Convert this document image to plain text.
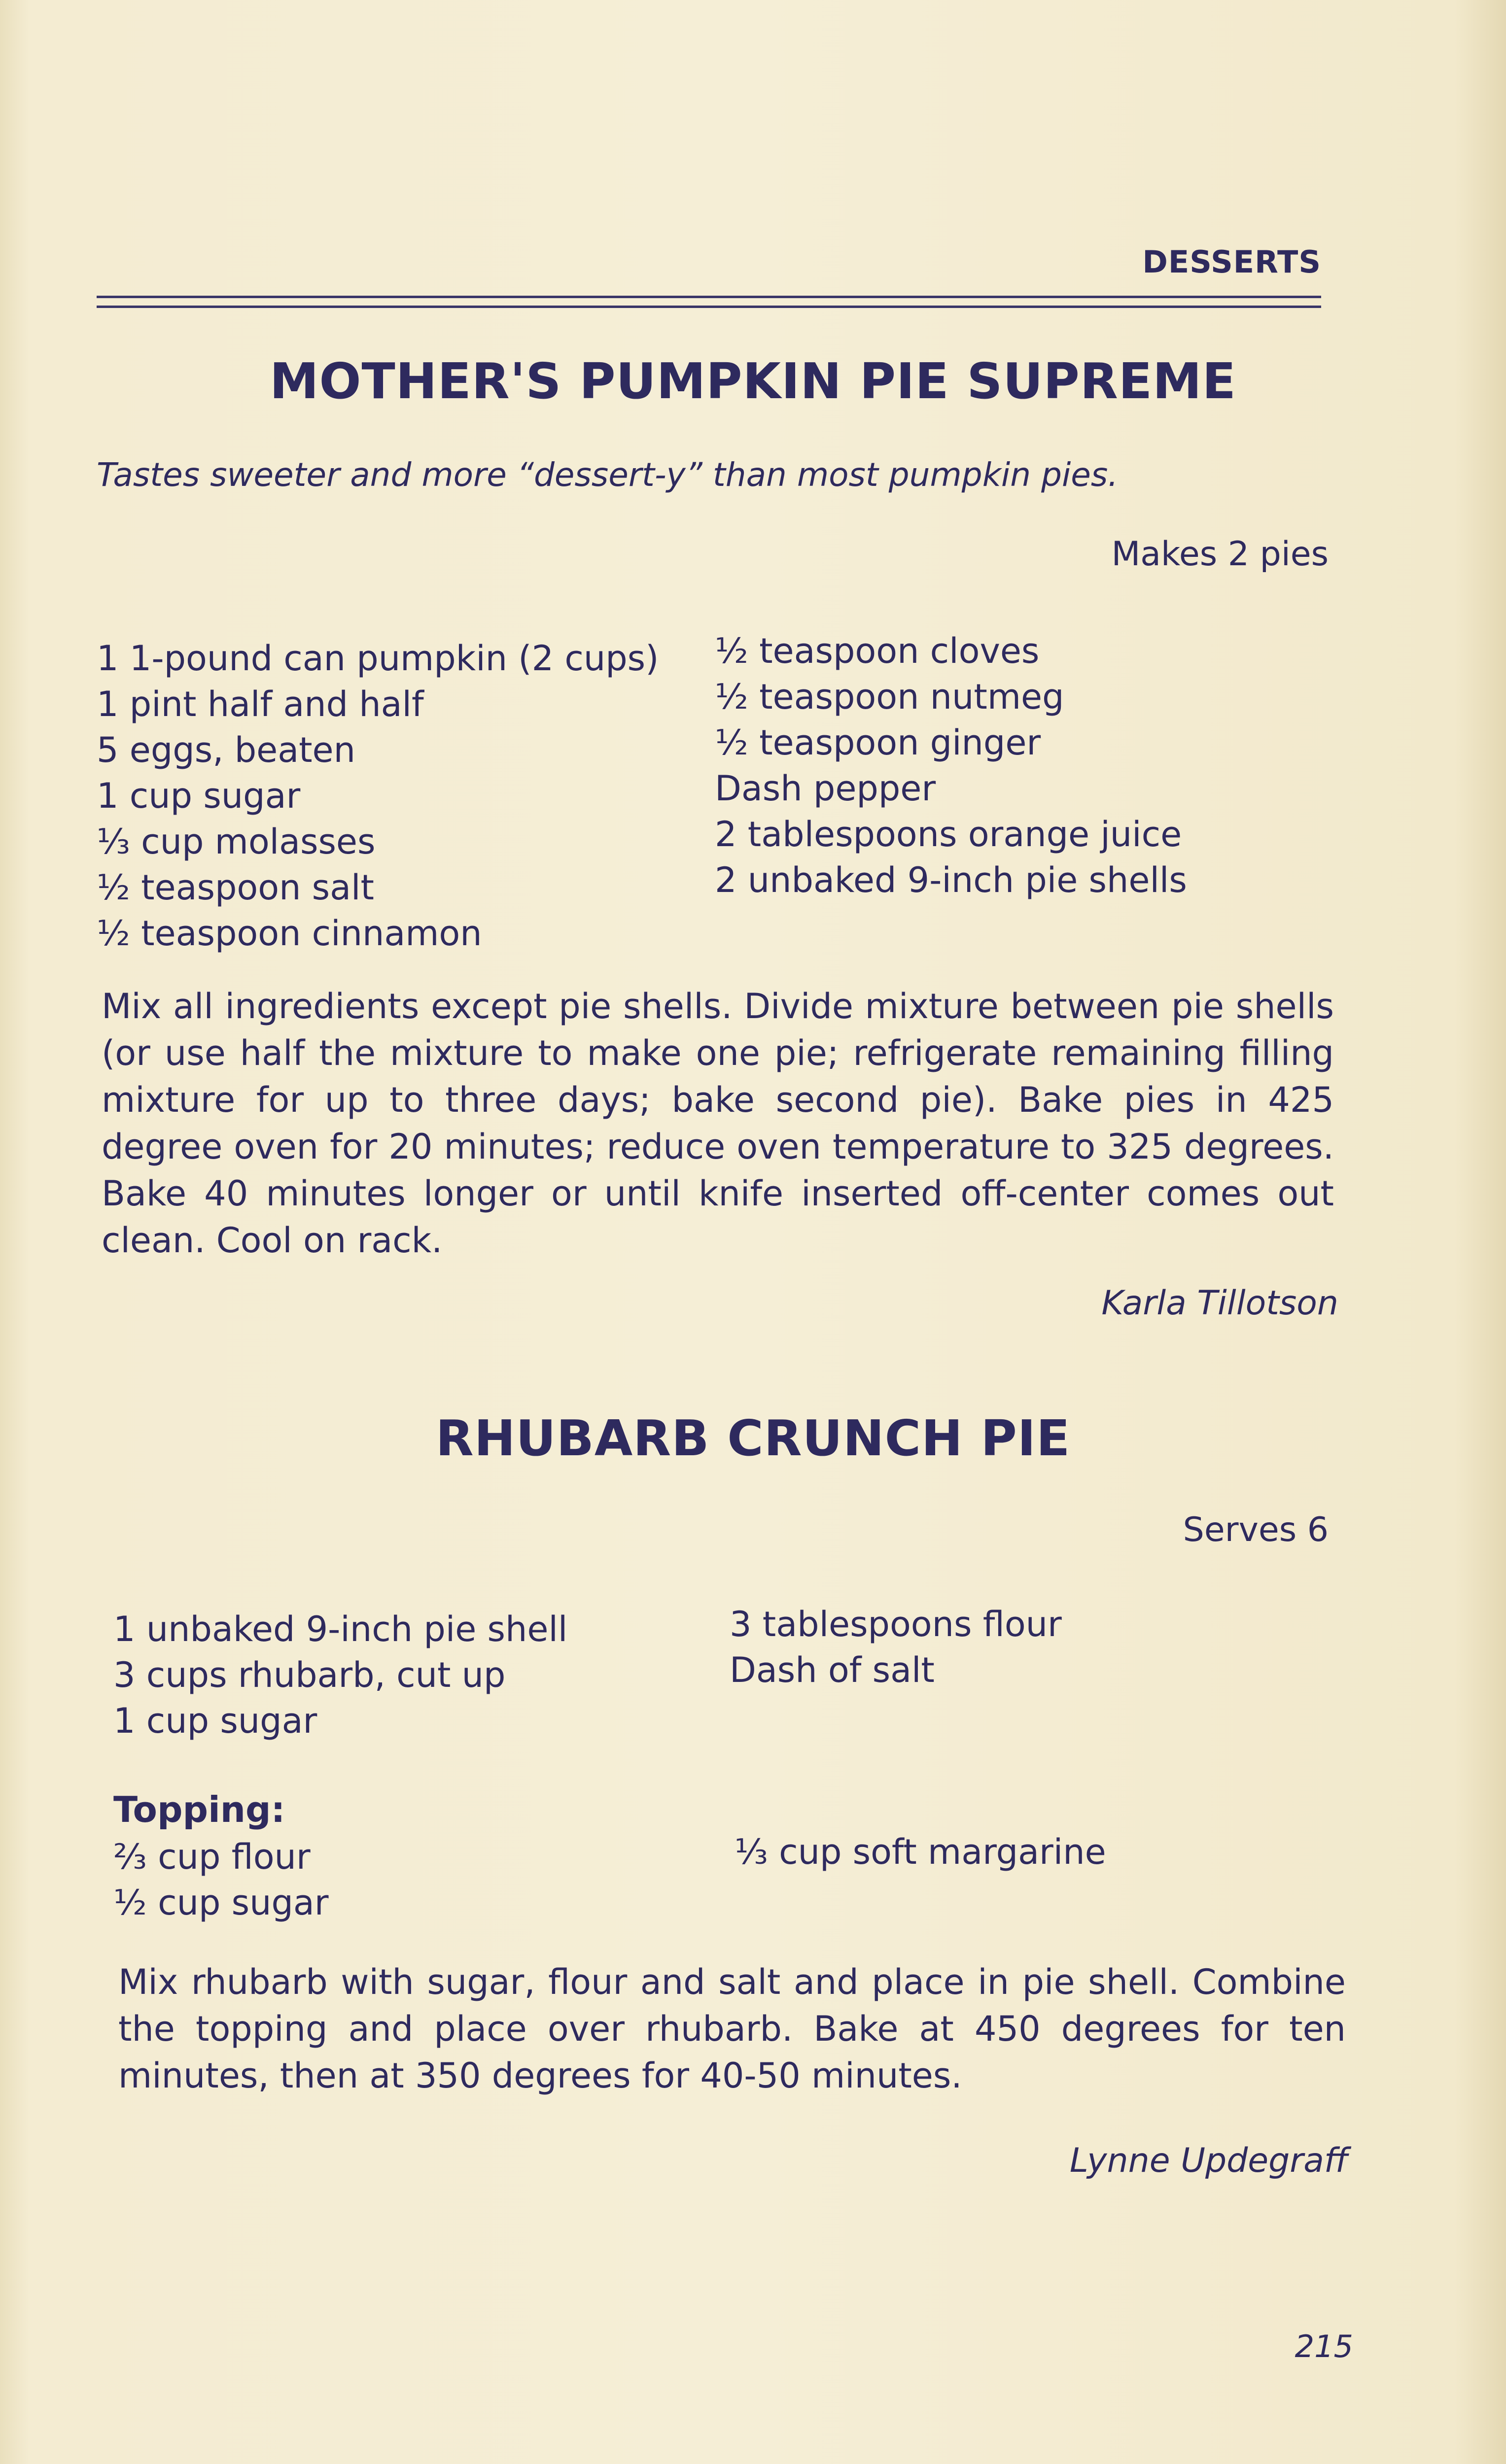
DESSERTS
MOTHER'S PUMPKIN PIE SUPREME
Tastes sweeter and more “dessert-y” than most pumpkin pies.
Makes 2 pies
1 1-pound can pumpkin (2 cups)
1 pint half and half
5 eggs, beaten
1 cup sugar
⅓ cup molasses
½ teaspoon salt
½ teaspoon cinnamon
½ teaspoon cloves
½ teaspoon nutmeg
½ teaspoon ginger
Dash pepper
2 tablespoons orange juice
2 unbaked 9-inch pie shells
Mix all ingredients except pie shells. Divide mixture between pie shells (or use half the mixture to make one pie; refrigerate remaining filling mixture for up to three days; bake second pie). Bake pies in 425 degree oven for 20 minutes; reduce oven temperature to 325 degrees. Bake 40 minutes longer or until knife inserted off-center comes out clean. Cool on rack.
Karla Tillotson
RHUBARB CRUNCH PIE
Serves 6
1 unbaked 9-inch pie shell
3 cups rhubarb, cut up
1 cup sugar
3 tablespoons flour
Dash of salt
Topping:
⅔ cup flour
½ cup sugar
⅓ cup soft margarine
Mix rhubarb with sugar, flour and salt and place in pie shell. Combine the topping and place over rhubarb. Bake at 450 degrees for ten minutes, then at 350 degrees for 40-50 minutes.
Lynne Updegraff
215
